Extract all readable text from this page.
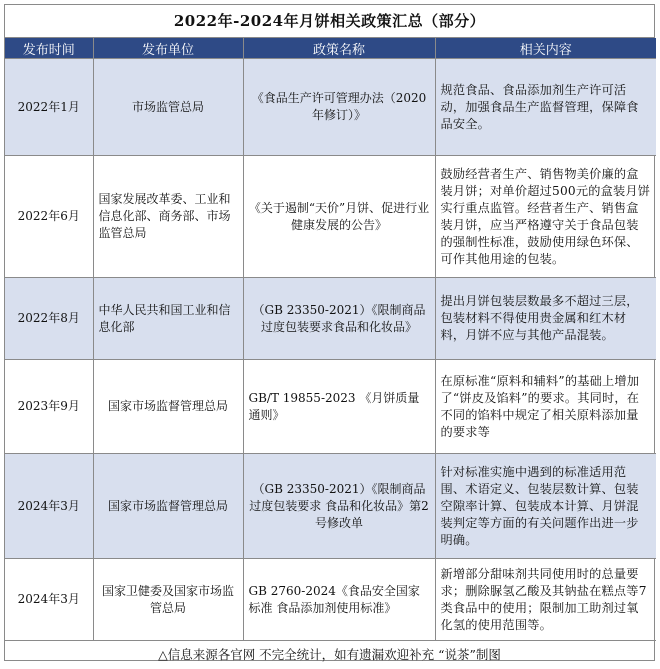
2022年-2024年月饼相关政策汇总（部分）
发布时间	发布单位	政策名称	相关内容
2022年1月	市场监管总局	《食品生产许可管理办法（2020年修订）》	规范食品、食品添加剂生产许可活动，加强食品生产监督管理，保障食品安全。
2022年6月	国家发展改革委、工业和信息化部、商务部、市场监管总局	《关于遏制“天价”月饼、促进行业健康发展的公告》	鼓励经营者生产、销售物美价廉的盒装月饼；对单价超过500元的盒装月饼实行重点监管。经营者生产、销售盒装月饼，应当严格遵守关于食品包装的强制性标准，鼓励使用绿色环保、可作其他用途的包装。
2022年8月	中华人民共和国工业和信息化部	（GB 23350-2021）《限制商品过度包装要求食品和化妆品》	提出月饼包装层数最多不超过三层，包装材料不得使用贵金属和红木材料，月饼不应与其他产品混装。
2023年9月	国家市场监督管理总局	GB/T 19855-2023 《月饼质量通则》	在原标准“原料和辅料”的基础上增加了“饼皮及馅料”的要求。其同时，在不同的馅料中规定了相关原料添加量的要求等
2024年3月	国家市场监督管理总局	（GB 23350-2021）《限制商品过度包装要求 食品和化妆品》第2号修改单	针对标准实施中遇到的标准适用范围、术语定义、包装层数计算、包装空隙率计算、包装成本计算、月饼混装判定等方面的有关问题作出进一步明确。
2024年3月	国家卫健委及国家市场监管总局	GB 2760-2024《食品安全国家标准 食品添加剂使用标准》	新增部分甜味剂共同使用时的总量要求；删除脲氢乙酸及其钠盐在糕点等7类食品中的使用；限制加工助剂过氧化氢的使用范围等。
△信息来源各官网 不完全统计，如有遗漏欢迎补充 “说茶”制图
